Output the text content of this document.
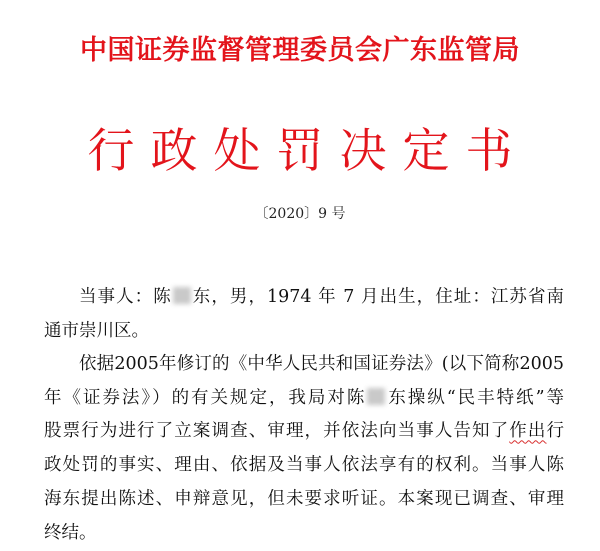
中国证券监督管理委员会广东监管局
行政处罚决定书
〔2020〕9 号
当事人：陈 东，男，1974 年 7 月出生，住址：江苏省南
通市崇川区。
依据2005年修订的《中华人民共和国证券法》(以下简称2005
年《证券法》）的有关规定，我局对陈 东操纵“民丰特纸”等
股票行为进行了立案调查、审理，并依法向当事人告知了作出行
政处罚的事实、理由、依据及当事人依法享有的权利。当事人陈
海东提出陈述、申辩意见，但未要求听证。本案现已调查、审理
终结。
